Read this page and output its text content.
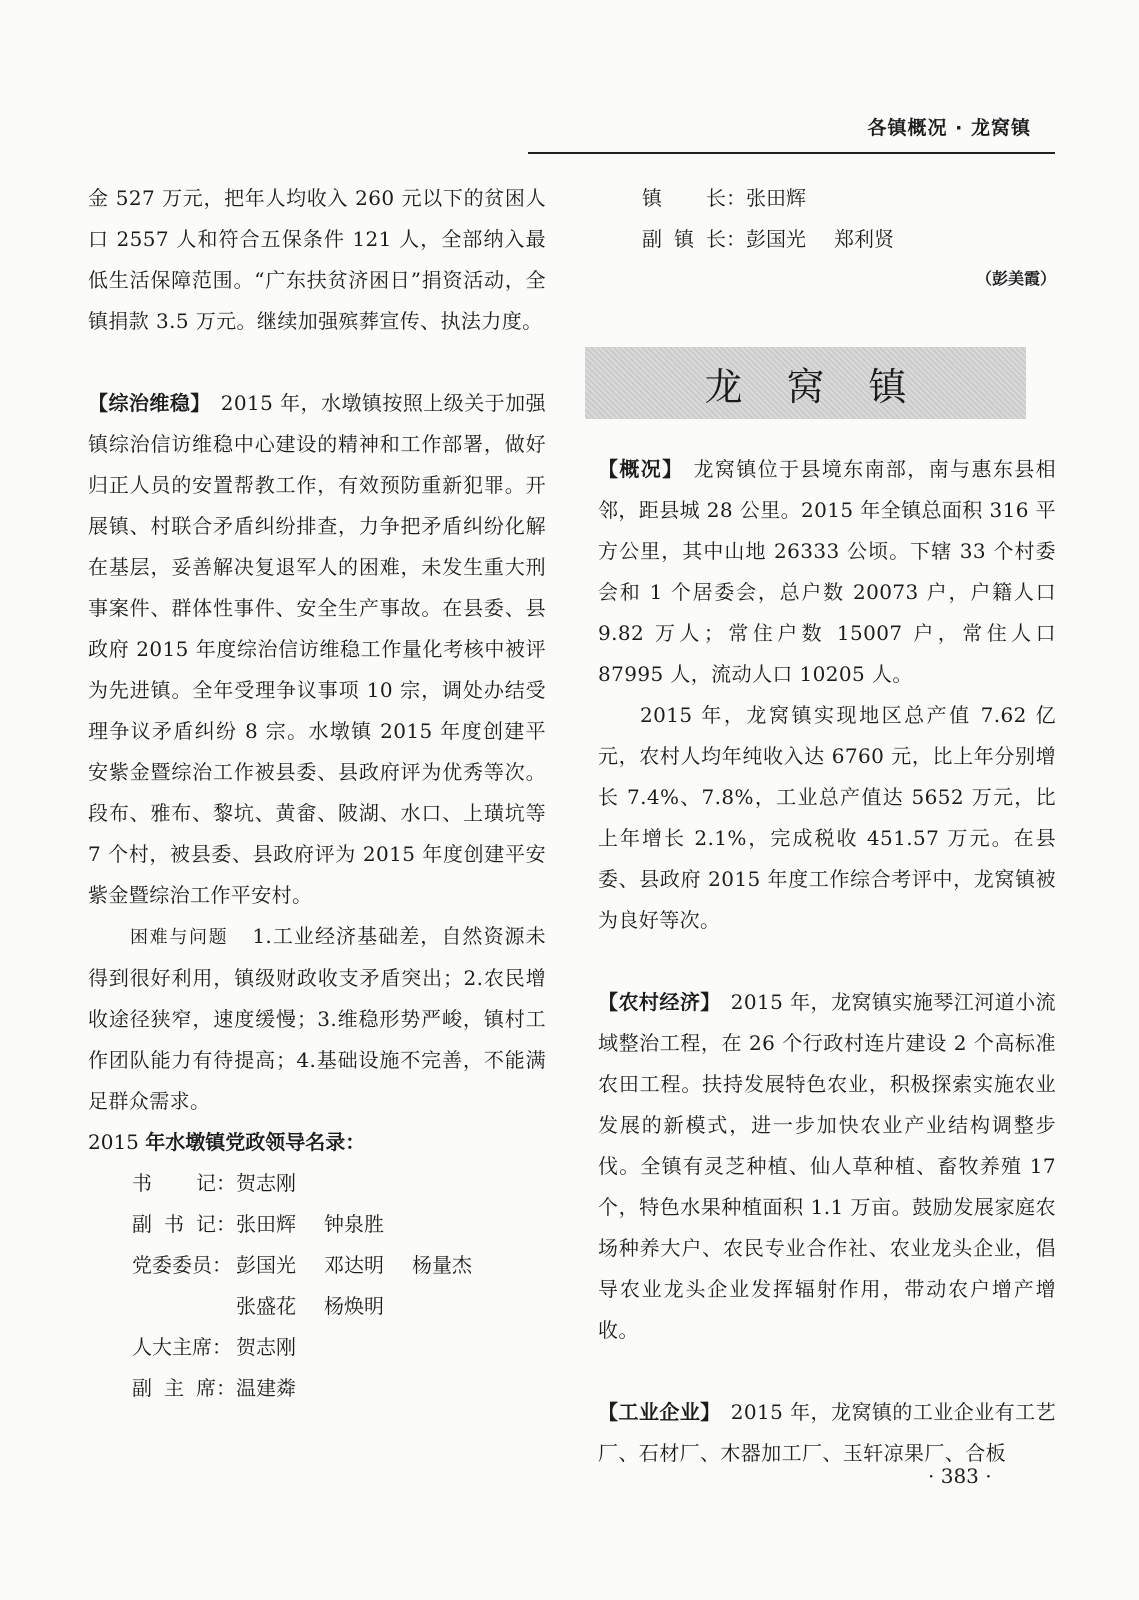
各镇概况 · 龙窝镇

金 527 万元，把年人均收入 260 元以下的贫困人口 2557 人和符合五保条件 121 人，全部纳入最低生活保障范围。“广东扶贫济困日”捐资活动，全镇捐款 3.5 万元。继续加强殡葬宣传、执法力度。

【综治维稳】 2015 年，水墩镇按照上级关于加强镇综治信访维稳中心建设的精神和工作部署，做好归正人员的安置帮教工作，有效预防重新犯罪。开展镇、村联合矛盾纠纷排查，力争把矛盾纠纷化解在基层，妥善解决复退军人的困难，未发生重大刑事案件、群体性事件、安全生产事故。在县委、县政府 2015 年度综治信访维稳工作量化考核中被评为先进镇。全年受理争议事项 10 宗，调处办结受理争议矛盾纠纷 8 宗。水墩镇 2015 年度创建平安紫金暨综治工作被县委、县政府评为优秀等次。段布、雅布、黎坑、黄畲、陂湖、水口、上璜坑等 7 个村，被县委、县政府评为 2015 年度创建平安紫金暨综治工作平安村。

困难与问题 1.工业经济基础差，自然资源未得到很好利用，镇级财政收支矛盾突出；2.农民增收途径狭窄，速度缓慢；3.维稳形势严峻，镇村工作团队能力有待提高；4.基础设施不完善，不能满足群众需求。

2015 年水墩镇党政领导名录：

书 记： 贺志刚
副 书 记： 张田辉 钟泉胜
党委委员： 彭国光 邓达明 杨量杰
张盛花 杨焕明
人大主席： 贺志刚
副 主 席： 温建粦
镇 长： 张田辉
副 镇 长： 彭国光 郑利贤

（彭美霞）

龙窝镇

【概况】 龙窝镇位于县境东南部，南与惠东县相邻，距县城 28 公里。2015 年全镇总面积 316 平方公里，其中山地 26333 公顷。下辖 33 个村委会和 1 个居委会，总户数 20073 户，户籍人口 9.82 万人；常住户数 15007 户，常住人口 87995 人，流动人口 10205 人。

2015 年，龙窝镇实现地区总产值 7.62 亿元，农村人均年纯收入达 6760 元，比上年分别增长 7.4%、7.8%，工业总产值达 5652 万元，比上年增长 2.1%，完成税收 451.57 万元。在县委、县政府 2015 年度工作综合考评中，龙窝镇被为良好等次。

【农村经济】 2015 年，龙窝镇实施琴江河道小流域整治工程，在 26 个行政村连片建设 2 个高标准农田工程。扶持发展特色农业，积极探索实施农业发展的新模式，进一步加快农业产业结构调整步伐。全镇有灵芝种植、仙人草种植、畜牧养殖 17 个，特色水果种植面积 1.1 万亩。鼓励发展家庭农场种养大户、农民专业合作社、农业龙头企业，倡导农业龙头企业发挥辐射作用，带动农户增产增收。

【工业企业】 2015 年，龙窝镇的工业企业有工艺厂、石材厂、木器加工厂、玉轩凉果厂、合板

· 383 ·
